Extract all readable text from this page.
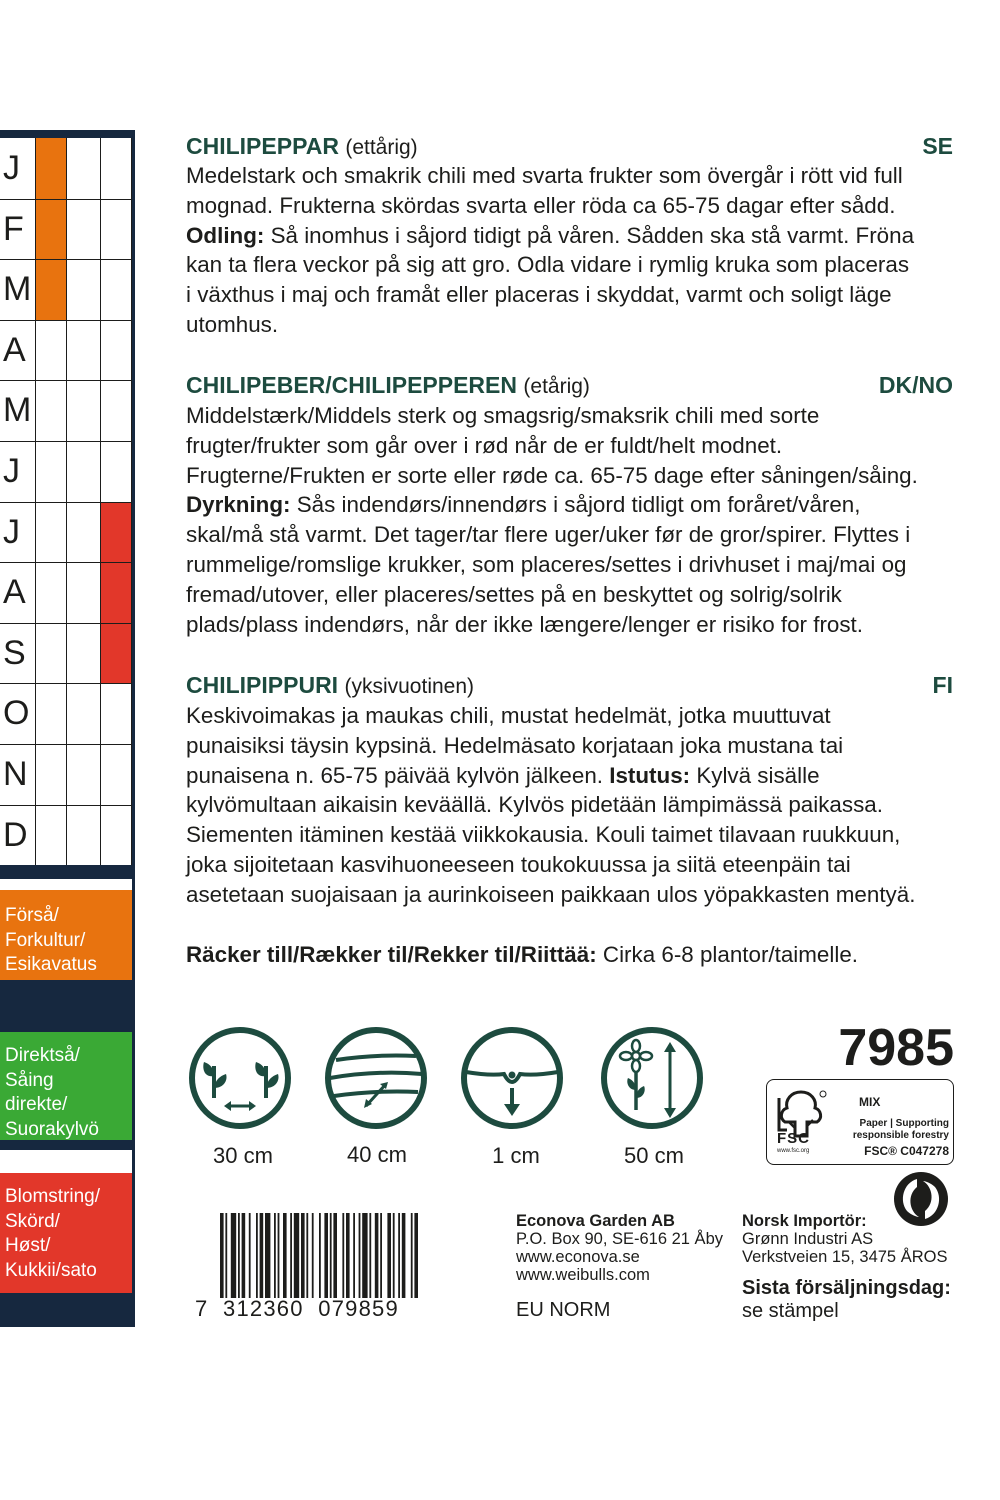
J
F
M
A
M
J
J
A
S
O
N
D
Förså/
Forkultur/
Esikavatus
Direktså/
Såing
direkte/
Suorakylvö
Blomstring/
Skörd/
Høst/
Kukkii/sato
CHILIPEPPAR (ettårig)	SE
Medelstark och smakrik chili med svarta frukter som övergår i rött vid full
mognad. Frukterna skördas svarta eller röda ca 65-75 dagar efter sådd.
Odling: Så inomhus i såjord tidigt på våren. Sådden ska stå varmt. Fröna
kan ta flera veckor på sig att gro. Odla vidare i rymlig kruka som placeras
i växthus i maj och framåt eller placeras i skyddat, varmt och soligt läge
utomhus.
CHILIPEBER/CHILIPEPPEREN (etårig)	DK/NO
Middelstærk/Middels sterk og smagsrig/smaksrik chili med sorte
frugter/frukter som går over i rød når de er fuldt/helt modnet.
Frugterne/Frukten er sorte eller røde ca. 65-75 dage efter såningen/såing.
Dyrkning: Sås indendørs/innendørs i såjord tidligt om foråret/våren,
skal/må stå varmt. Det tager/tar flere uger/uker før de gror/spirer. Flyttes i
rummelige/romslige krukker, som placeres/settes i drivhuset i maj/mai og
fremad/utover, eller placeres/settes på en beskyttet og solrig/solrik
plads/plass indendørs, når der ikke længere/lenger er risiko for frost.
CHILIPIPPURI (yksivuotinen)	FI
Keskivoimakas ja maukas chili, mustat hedelmät, jotka muuttuvat
punaisiksi täysin kypsinä. Hedelmäsato korjataan joka mustana tai
punaisena n. 65-75 päivää kylvön jälkeen. Istutus: Kylvä sisälle
kylvömultaan aikaisin keväällä. Kylvös pidetään lämpimässä paikassa.
Siementen itäminen kestää viikkokausia. Kouli taimet tilavaan ruukkuun,
joka sijoitetaan kasvihuoneeseen toukokuussa ja siitä eteenpäin tai
asetetaan suojaisaan ja aurinkoiseen paikkaan ulos yöpakkasten mentyä.
Räcker till/Rækker til/Rekker til/Riittää: Cirka 6-8 plantor/taimelle.
30 cm	40 cm	1 cm	50 cm
7985
FSC
www.fsc.org
MIX
Paper | Supporting
responsible forestry
FSC® C047278
7  312360  079859
Econova Garden AB
P.O. Box 90, SE-616 21 Åby
www.econova.se
www.weibulls.com
EU NORM
Norsk Importör:
Grønn Industri AS
Verkstveien 15, 3475 ÅROS
Sista försäljningsdag:
se stämpel
